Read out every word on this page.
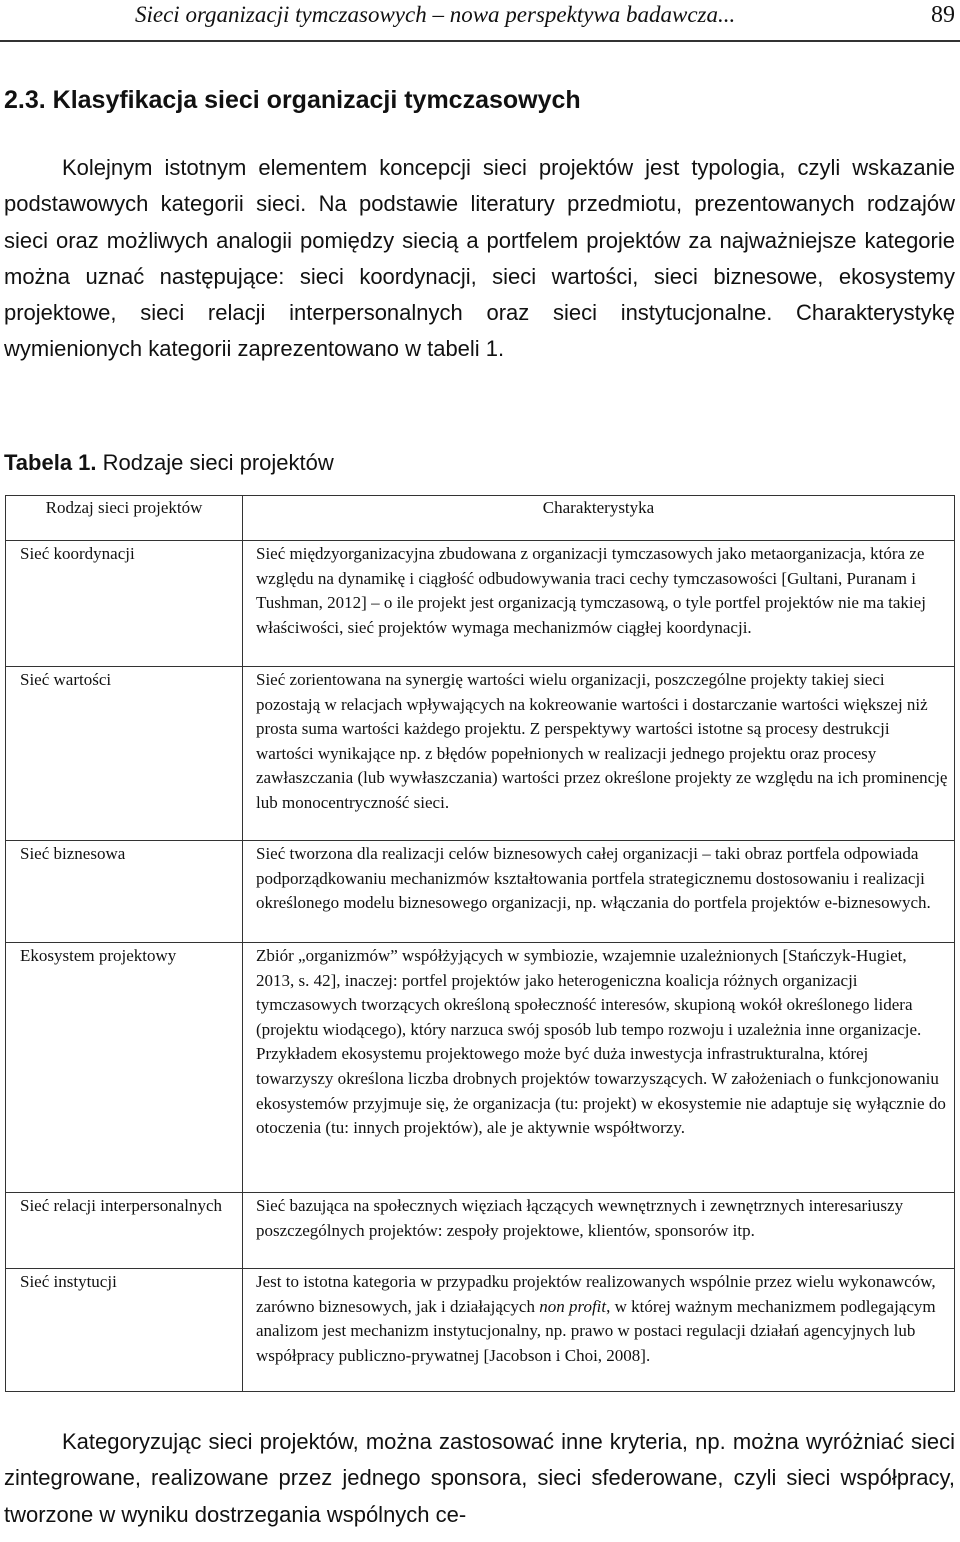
Sieci organizacji tymczasowych – nowa perspektywa badawcza...	89
2.3. Klasyfikacja sieci organizacji tymczasowych

Kolejnym istotnym elementem koncepcji sieci projektów jest typologia, czyli wskazanie podstawowych kategorii sieci. Na podstawie literatury przedmiotu, prezentowanych rodzajów sieci oraz możliwych analogii pomiędzy siecią a portfelem projektów za najważniejsze kategorie można uznać następujące: sieci koordynacji, sieci wartości, sieci biznesowe, ekosystemy projektowe, sieci relacji interpersonalnych oraz sieci instytucjonalne. Charakterystykę wymienionych kategorii zaprezentowano w tabeli 1.

Tabela 1. Rodzaje sieci projektów
Rodzaj sieci projektów	Charakterystyka
Sieć koordynacji	Sieć międzyorganizacyjna zbudowana z organizacji tymczasowych jako metaorganizacja, która ze względu na dynamikę i ciągłość odbudowywania traci cechy tymczasowości [Gultani, Puranam i Tushman, 2012] – o ile projekt jest organizacją tymczasową, o tyle portfel projektów nie ma takiej właściwości, sieć projektów wymaga mechanizmów ciągłej koordynacji.
Sieć wartości	Sieć zorientowana na synergię wartości wielu organizacji, poszczególne projekty takiej sieci pozostają w relacjach wpływających na kokreowanie wartości i dostarczanie wartości większej niż prosta suma wartości każdego projektu. Z perspektywy wartości istotne są procesy destrukcji wartości wynikające np. z błędów popełnionych w realizacji jednego projektu oraz procesy zawłaszczania (lub wywłaszczania) wartości przez określone projekty ze względu na ich prominencję lub monocentryczność sieci.
Sieć biznesowa	Sieć tworzona dla realizacji celów biznesowych całej organizacji – taki obraz portfela odpowiada podporządkowaniu mechanizmów kształtowania portfela strategicznemu dostosowaniu i realizacji określonego modelu biznesowego organizacji, np. włączania do portfela projektów e-biznesowych.
Ekosystem projektowy	Zbiór „organizmów” współżyjących w symbiozie, wzajemnie uzależnionych [Stańczyk-Hugiet, 2013, s. 42], inaczej: portfel projektów jako heterogeniczna koalicja różnych organizacji tymczasowych tworzących określoną społeczność interesów, skupioną wokół określonego lidera (projektu wiodącego), który narzuca swój sposób lub tempo rozwoju i uzależnia inne organizacje. Przykładem ekosystemu projektowego może być duża inwestycja infrastrukturalna, której towarzyszy określona liczba drobnych projektów towarzyszących. W założeniach o funkcjonowaniu ekosystemów przyjmuje się, że organizacja (tu: projekt) w ekosystemie nie adaptuje się wyłącznie do otoczenia (tu: innych projektów), ale je aktywnie współtworzy.
Sieć relacji interpersonalnych	Sieć bazująca na społecznych więziach łączących wewnętrznych i zewnętrznych interesariuszy poszczególnych projektów: zespoły projektowe, klientów, sponsorów itp.
Sieć instytucji	Jest to istotna kategoria w przypadku projektów realizowanych wspólnie przez wielu wykonawców, zarówno biznesowych, jak i działających non profit, w której ważnym mechanizmem podlegającym analizom jest mechanizm instytucjonalny, np. prawo w postaci regulacji działań agencyjnych lub współpracy publiczno-prywatnej [Jacobson i Choi, 2008].

Kategoryzując sieci projektów, można zastosować inne kryteria, np. można wyróżniać sieci zintegrowane, realizowane przez jednego sponsora, sieci sfederowane, czyli sieci współpracy, tworzone w wyniku dostrzegania wspólnych ce-
